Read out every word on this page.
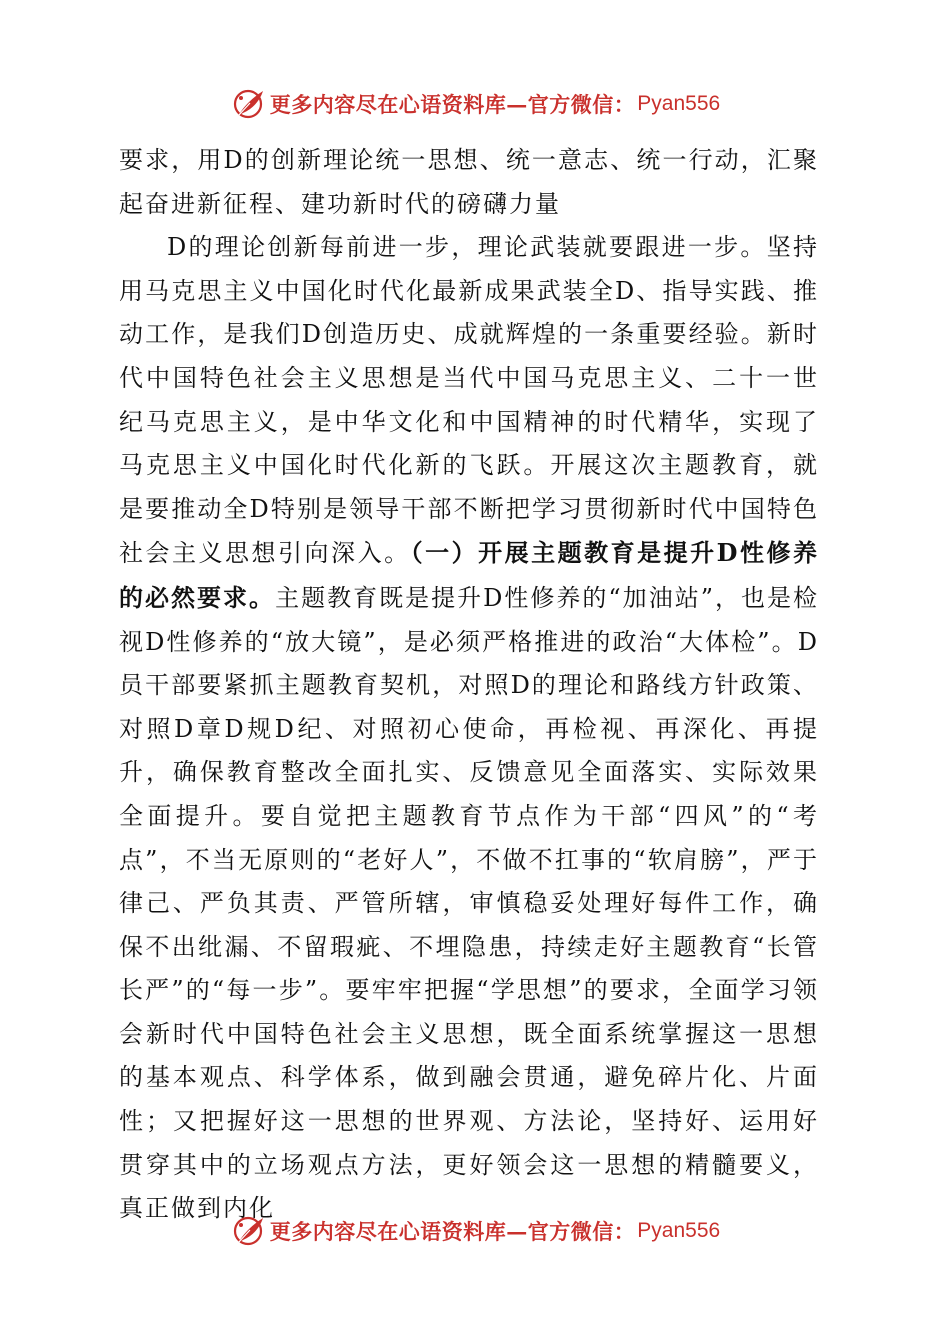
更多内容尽在心语资料库—官方微信： Pyan556

要求，用D的创新理论统一思想、统一意志、统一行动，汇聚起奋进新征程、建功新时代的磅礴力量

D的理论创新每前进一步，理论武装就要跟进一步。坚持用马克思主义中国化时代化最新成果武装全D、指导实践、推动工作，是我们D创造历史、成就辉煌的一条重要经验。新时代中国特色社会主义思想是当代中国马克思主义、二十一世纪马克思主义，是中华文化和中国精神的时代精华，实现了马克思主义中国化时代化新的飞跃。开展这次主题教育，就是要推动全D特别是领导干部不断把学习贯彻新时代中国特色社会主义思想引向深入。（一）开展主题教育是提升D性修养的必然要求。主题教育既是提升D性修养的“加油站”，也是检视D性修养的“放大镜”，是必须严格推进的政治“大体检”。D员干部要紧抓主题教育契机，对照D的理论和路线方针政策、对照D章D规D纪、对照初心使命，再检视、再深化、再提升，确保教育整改全面扎实、反馈意见全面落实、实际效果全面提升。要自觉把主题教育节点作为干部“四风”的“考点”，不当无原则的“老好人”，不做不扛事的“软肩膀”，严于律己、严负其责、严管所辖，审慎稳妥处理好每件工作，确保不出纰漏、不留瑕疵、不埋隐患，持续走好主题教育“长管长严”的“每一步”。要牢牢把握“学思想”的要求，全面学习领会新时代中国特色社会主义思想，既全面系统掌握这一思想的基本观点、科学体系，做到融会贯通，避免碎片化、片面性；又把握好这一思想的世界观、方法论，坚持好、运用好贯穿其中的立场观点方法，更好领会这一思想的精髓要义，真正做到内化

更多内容尽在心语资料库—官方微信： Pyan556
